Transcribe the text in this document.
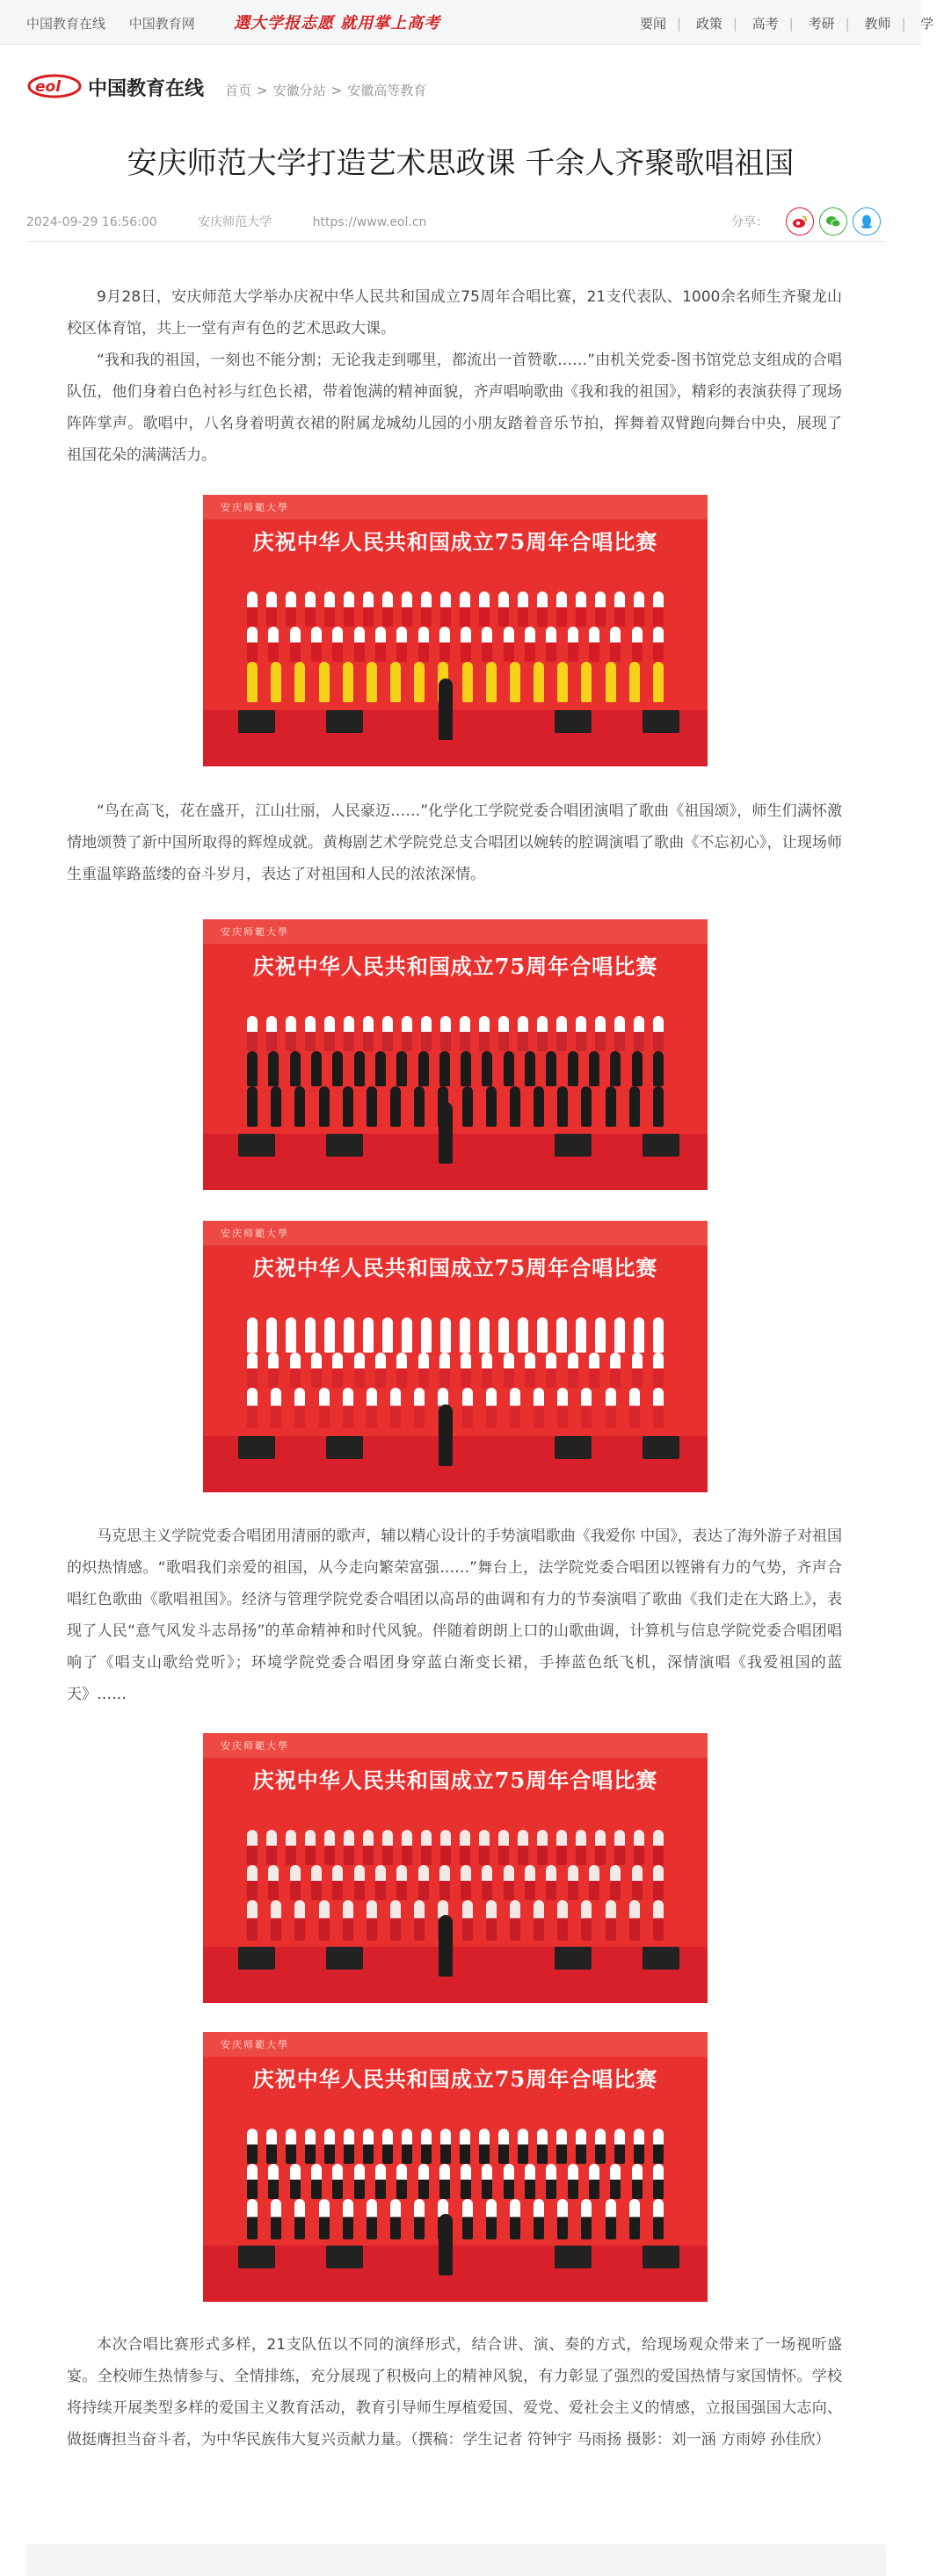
中国教育在线 中国教育网	選大学报志愿 就用掌上高考	要闻 | 政策 | 高考 | 考研 | 教师 | 学
eol 中国教育在线 首页 > 安徽分站 > 安徽高等教育
安庆师范大学打造艺术思政课 千余人齐聚歌唱祖国
2024-09-29 16:56:00	安庆师范大学	https://www.eol.cn	分享：

9月28日，安庆师范大学举办庆祝中华人民共和国成立75周年合唱比赛，21支代表队、1000余名师生齐聚龙山校区体育馆，共上一堂有声有色的艺术思政大课。

“我和我的祖国，一刻也不能分割；无论我走到哪里，都流出一首赞歌……”由机关党委-图书馆党总支组成的合唱队伍，他们身着白色衬衫与红色长裙，带着饱满的精神面貌，齐声唱响歌曲《我和我的祖国》，精彩的表演获得了现场阵阵掌声。歌唱中，八名身着明黄衣裙的附属龙城幼儿园的小朋友踏着音乐节拍，挥舞着双臂跑向舞台中央，展现了祖国花朵的满满活力。

安庆师範大學
庆祝中华人民共和国成立75周年合唱比赛

“鸟在高飞，花在盛开，江山壮丽，人民豪迈……”化学化工学院党委合唱团演唱了歌曲《祖国颂》，师生们满怀激情地颂赞了新中国所取得的辉煌成就。黄梅剧艺术学院党总支合唱团以婉转的腔调演唱了歌曲《不忘初心》，让现场师生重温筚路蓝缕的奋斗岁月，表达了对祖国和人民的浓浓深情。

安庆师範大學
庆祝中华人民共和国成立75周年合唱比赛
安庆师範大學
庆祝中华人民共和国成立75周年合唱比赛

马克思主义学院党委合唱团用清丽的歌声，辅以精心设计的手势演唱歌曲《我爱你 中国》，表达了海外游子对祖国的炽热情感。“歌唱我们亲爱的祖国，从今走向繁荣富强……”舞台上，法学院党委合唱团以铿锵有力的气势，齐声合唱红色歌曲《歌唱祖国》。经济与管理学院党委合唱团以高昂的曲调和有力的节奏演唱了歌曲《我们走在大路上》，表现了人民“意气风发斗志昂扬”的革命精神和时代风貌。伴随着朗朗上口的山歌曲调，计算机与信息学院党委合唱团唱响了《唱支山歌给党听》；环境学院党委合唱团身穿蓝白渐变长裙，手捧蓝色纸飞机，深情演唱《我爱祖国的蓝天》……

安庆师範大學
庆祝中华人民共和国成立75周年合唱比赛
安庆师範大學
庆祝中华人民共和国成立75周年合唱比赛

本次合唱比赛形式多样，21支队伍以不同的演绎形式，结合讲、演、奏的方式，给现场观众带来了一场视听盛宴。全校师生热情参与、全情排练，充分展现了积极向上的精神风貌，有力彰显了强烈的爱国热情与家国情怀。学校将持续开展类型多样的爱国主义教育活动，教育引导师生厚植爱国、爱党、爱社会主义的情感，立报国强国大志向、做挺膺担当奋斗者，为中华民族伟大复兴贡献力量。（撰稿：学生记者 符钟宇 马雨扬 摄影：刘一涵 方雨婷 孙佳欣）
